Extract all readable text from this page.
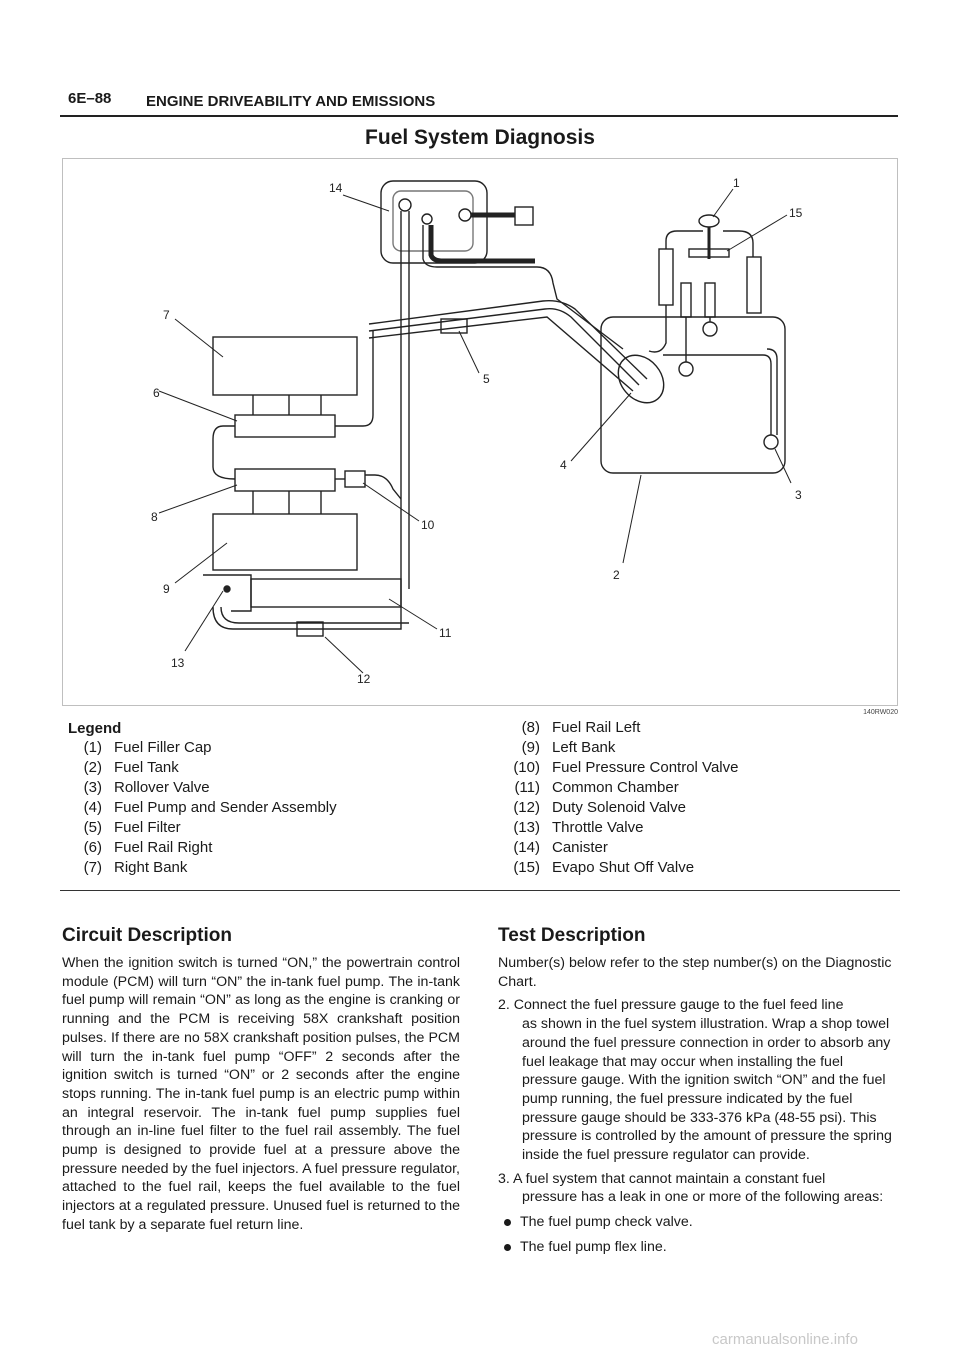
6E–88 ENGINE DRIVEABILITY AND EMISSIONS
Fuel System Diagnosis
14	1
15
7
6
5
4
3
2
8
10
9
11
12
13
140RW020
Legend
(1) Fuel Filler Cap
(2) Fuel Tank
(3) Rollover Valve
(4) Fuel Pump and Sender Assembly
(5) Fuel Filter
(6) Fuel Rail Right
(7) Right Bank
(8) Fuel Rail Left
(9) Left Bank
(10) Fuel Pressure Control Valve
(11) Common Chamber
(12) Duty Solenoid Valve
(13) Throttle Valve
(14) Canister
(15) Evapo Shut Off Valve
Circuit Description
When the ignition switch is turned “ON,” the powertrain control module (PCM) will turn “ON” the in-tank fuel pump. The in-tank fuel pump will remain “ON” as long as the engine is cranking or running and the PCM is receiving 58X crankshaft position pulses. If there are no 58X crankshaft position pulses, the PCM will turn the in-tank fuel pump “OFF” 2 seconds after the ignition switch is turned “ON” or 2 seconds after the engine stops running. The in-tank fuel pump is an electric pump within an integral reservoir. The in-tank fuel pump supplies fuel through an in-line fuel filter to the fuel rail assembly. The fuel pump is designed to provide fuel at a pressure above the pressure needed by the fuel injectors. A fuel pressure regulator, attached to the fuel rail, keeps the fuel available to the fuel injectors at a regulated pressure. Unused fuel is returned to the fuel tank by a separate fuel return line.
Test Description

Number(s) below refer to the step number(s) on the Diagnostic Chart.

2. Connect the fuel pressure gauge to the fuel feed line
as shown in the fuel system illustration. Wrap a shop towel around the fuel pressure connection in order to absorb any fuel leakage that may occur when installing the fuel pressure gauge. With the ignition switch “ON” and the fuel pump running, the fuel pressure indicated by the fuel pressure gauge should be 333-376 kPa (48-55 psi). This pressure is controlled by the amount of pressure the spring inside the fuel pressure regulator can provide.
3. A fuel system that cannot maintain a constant fuel
pressure has a leak in one or more of the following areas:
The fuel pump check valve.
The fuel pump flex line.
carmanualsonline.info
